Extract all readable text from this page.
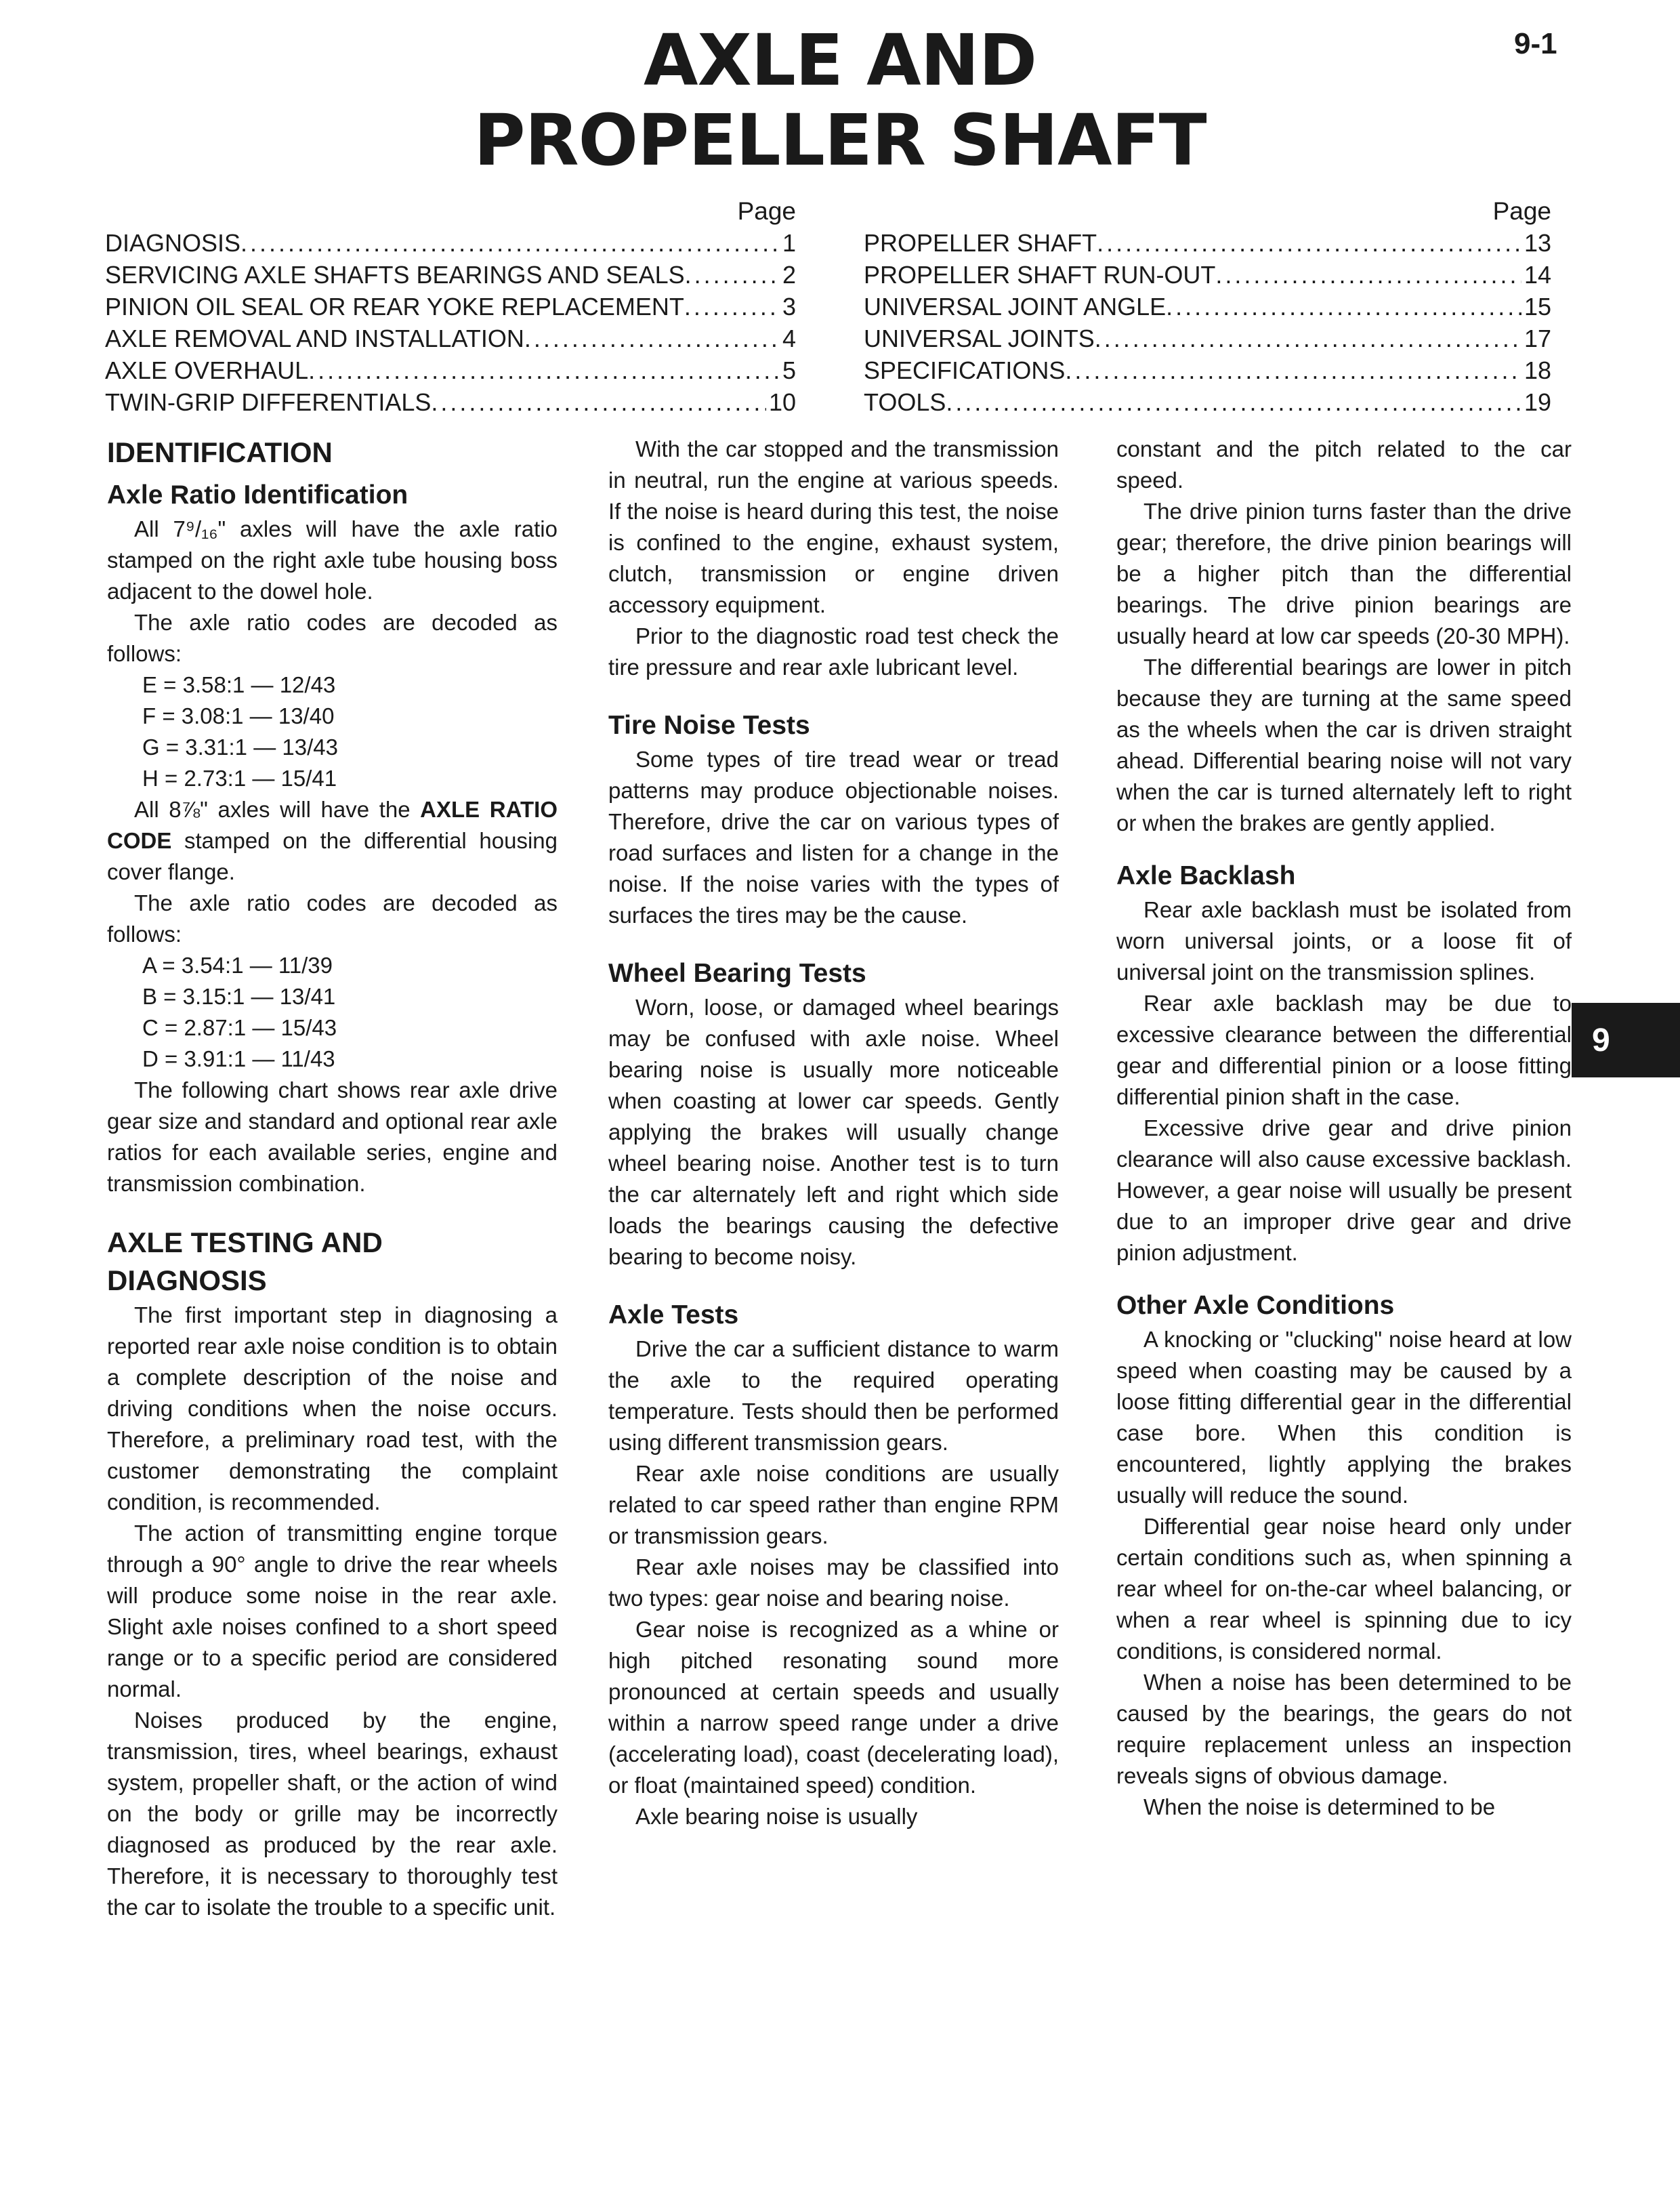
9-1
AXLE AND
PROPELLER SHAFT
Page
DIAGNOSIS .....	1
SERVICING AXLE SHAFTS BEARINGS AND SEALS .....	2
PINION OIL SEAL OR REAR YOKE REPLACEMENT .....	3
AXLE REMOVAL AND INSTALLATION .....	4
AXLE OVERHAUL .....	5
TWIN-GRIP DIFFERENTIALS .....	10
Page
PROPELLER SHAFT .....	13
PROPELLER SHAFT RUN-OUT .....	14
UNIVERSAL JOINT ANGLE .....	15
UNIVERSAL JOINTS .....	17
SPECIFICATIONS .....	18
TOOLS .....	19
IDENTIFICATION
Axle Ratio Identification

All 7⁹/₁₆" axles will have the axle ratio stamped on the right axle tube housing boss adjacent to the dowel hole.

The axle ratio codes are decoded as follows:

E = 3.58:1 — 12/43

F = 3.08:1 — 13/40

G = 3.31:1 — 13/43

H = 2.73:1 — 15/41

All 8⅞" axles will have the AXLE RATIO CODE stamped on the differential housing cover flange.

The axle ratio codes are decoded as follows:

A = 3.54:1 — 11/39

B = 3.15:1 — 13/41

C = 2.87:1 — 15/43

D = 3.91:1 — 11/43

The following chart shows rear axle drive gear size and standard and optional rear axle ratios for each available series, engine and transmission combination.

AXLE TESTING AND
DIAGNOSIS

The first important step in diagnosing a reported rear axle noise condition is to obtain a complete description of the noise and driving conditions when the noise occurs. Therefore, a preliminary road test, with the customer demonstrating the complaint condition, is recommended.

The action of transmitting engine torque through a 90° angle to drive the rear wheels will produce some noise in the rear axle. Slight axle noises confined to a short speed range or to a specific period are considered normal.

Noises produced by the engine, transmission, tires, wheel bearings, exhaust system, propeller shaft, or the action of wind on the body or grille may be incorrectly diagnosed as produced by the rear axle. Therefore, it is necessary to thoroughly test the car to isolate the trouble to a specific unit.

With the car stopped and the transmission in neutral, run the engine at various speeds. If the noise is heard during this test, the noise is confined to the engine, exhaust system, clutch, transmission or engine driven accessory equipment.

Prior to the diagnostic road test check the tire pressure and rear axle lubricant level.

Tire Noise Tests

Some types of tire tread wear or tread patterns may produce objectionable noises. Therefore, drive the car on various types of road surfaces and listen for a change in the noise. If the noise varies with the types of surfaces the tires may be the cause.

Wheel Bearing Tests

Worn, loose, or damaged wheel bearings may be confused with axle noise. Wheel bearing noise is usually more noticeable when coasting at lower car speeds. Gently applying the brakes will usually change wheel bearing noise. Another test is to turn the car alternately left and right which side loads the bearings causing the defective bearing to become noisy.

Axle Tests

Drive the car a sufficient distance to warm the axle to the required operating temperature. Tests should then be performed using different transmission gears.

Rear axle noise conditions are usually related to car speed rather than engine RPM or transmission gears.

Rear axle noises may be classified into two types: gear noise and bearing noise.

Gear noise is recognized as a whine or high pitched resonating sound more pronounced at certain speeds and usually within a narrow speed range under a drive (accelerating load), coast (decelerating load), or float (maintained speed) condition.

Axle bearing noise is usually

constant and the pitch related to the car speed.

The drive pinion turns faster than the drive gear; therefore, the drive pinion bearings will be a higher pitch than the differential bearings. The drive pinion bearings are usually heard at low car speeds (20-30 MPH).

The differential bearings are lower in pitch because they are turning at the same speed as the wheels when the car is driven straight ahead. Differential bearing noise will not vary when the car is turned alternately left to right or when the brakes are gently applied.

Axle Backlash

Rear axle backlash must be isolated from worn universal joints, or a loose fit of universal joint on the transmission splines.

Rear axle backlash may be due to excessive clearance between the differential gear and differential pinion or a loose fitting differential pinion shaft in the case.

Excessive drive gear and drive pinion clearance will also cause excessive backlash. However, a gear noise will usually be present due to an improper drive gear and drive pinion adjustment.

Other Axle Conditions

A knocking or "clucking" noise heard at low speed when coasting may be caused by a loose fitting differential gear in the differential case bore. When this condition is encountered, lightly applying the brakes usually will reduce the sound.

Differential gear noise heard only under certain conditions such as, when spinning a rear wheel for on-the-car wheel balancing, or when a rear wheel is spinning due to icy conditions, is considered normal.

When a noise has been determined to be caused by the bearings, the gears do not require replacement unless an inspection reveals signs of obvious damage.

When the noise is determined to be

9
